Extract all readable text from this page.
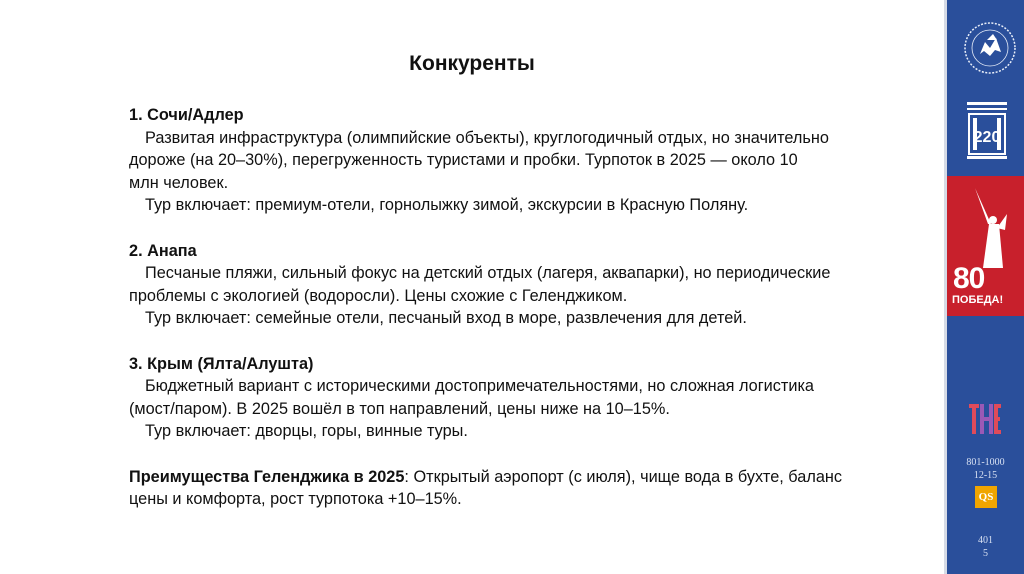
Конкуренты

1. Сочи/Адлер

Развитая инфраструктура (олимпийские объекты), круглогодичный отдых, но значительно

дороже (на 20–30%), перегруженность туристами и пробки. Турпоток в 2025 — около 10

млн человек.

Тур включает: премиум-отели, горнолыжку зимой, экскурсии в Красную Поляну.

2. Анапа

Песчаные пляжи, сильный фокус на детский отдых (лагеря, аквапарки), но периодические

проблемы с экологией (водоросли). Цены схожие с Геленджиком.

Тур включает: семейные отели, песчаный вход в море, развлечения для детей.

3. Крым (Ялта/Алушта)

Бюджетный вариант с историческими достопримечательностями, но сложная логистика

(мост/паром). В 2025 вошёл в топ направлений, цены ниже на 10–15%.

Тур включает: дворцы, горы, винные туры.

Преимущества Геленджика в 2025: Открытый аэропорт (с июля), чище вода в бухте, баланс

цены и комфорта, рост турпотока +10–15%.

220
80
ПОБЕДА!
801-1000
12-15
QS
401
5
